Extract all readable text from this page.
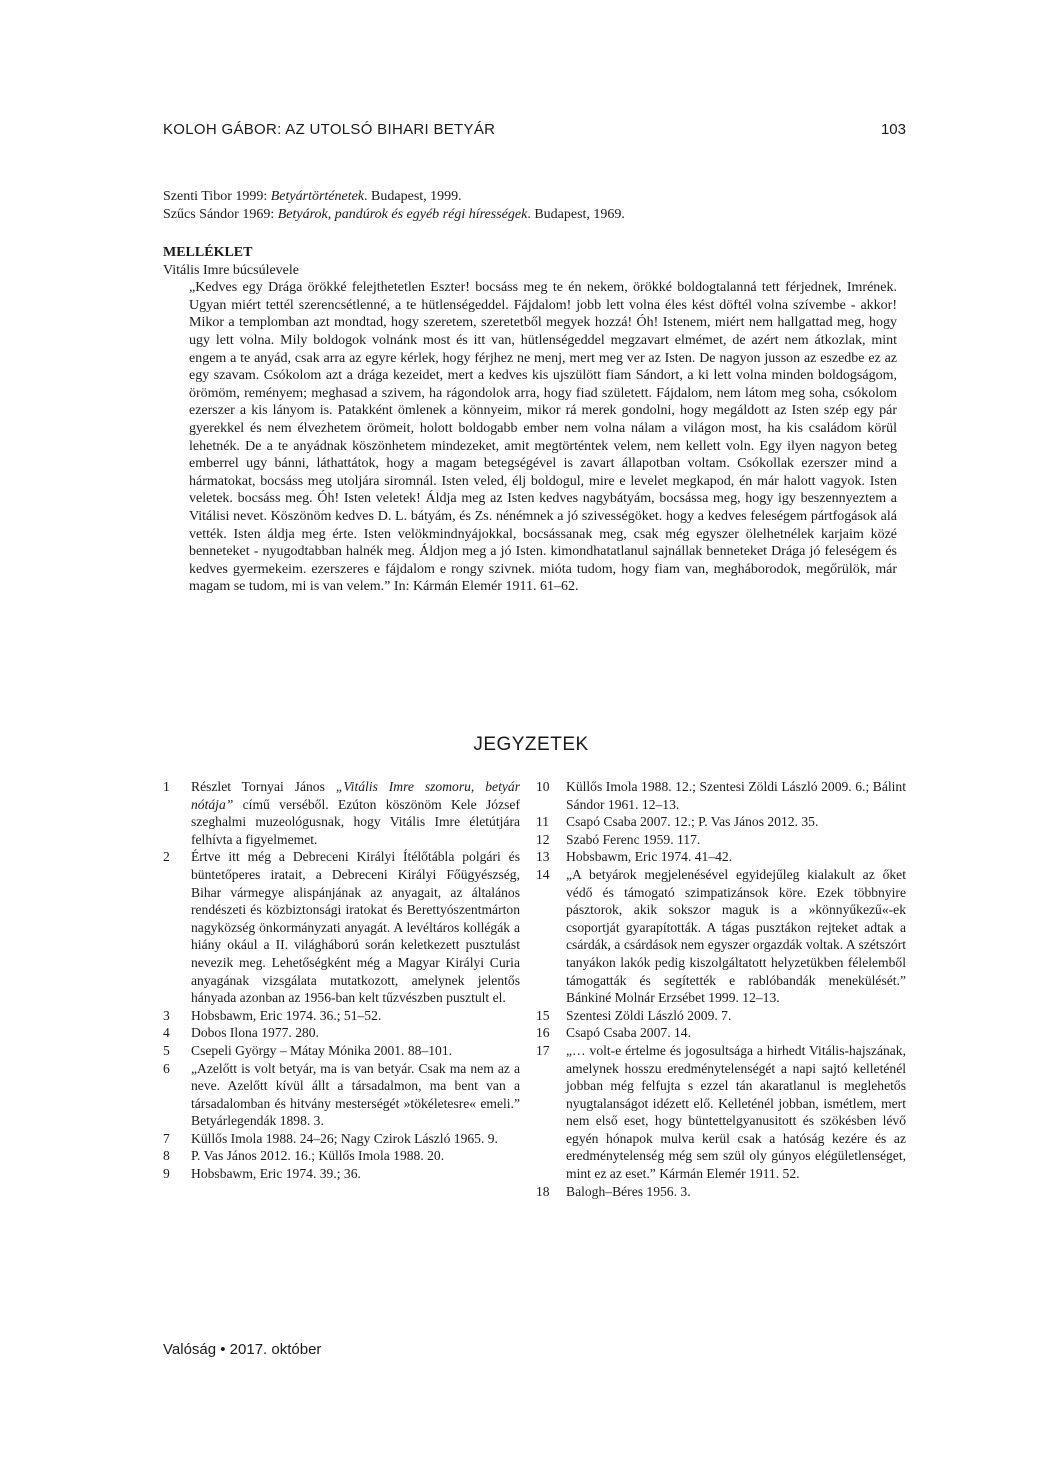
KOLOH GÁBOR: AZ UTOLSÓ BIHARI BETYÁR	103
Szenti Tibor 1999: Betyártörténetek. Budapest, 1999.
Szűcs Sándor 1969: Betyárok, pandúrok és egyéb régi hírességek. Budapest, 1969.
MELLÉKLET
Vitális Imre búcsúlevele
„Kedves egy Drága örökké felejthetetlen Eszter! bocsáss meg te én nekem, örökké boldogtalanná tett férjednek, Imrének. Ugyan miért tettél szerencsétlenné, a te hütlenségeddel. Fájdalom! jobb lett volna éles kést döftél volna szívembe - akkor! Mikor a templomban azt mondtad, hogy szeretem, szeretetből megyek hozzá! Óh! Istenem, miért nem hallgattad meg, hogy ugy lett volna. Mily boldogok volnánk most és itt van, hütlenségeddel megzavart elmémet, de azért nem átkozlak, mint engem a te anyád, csak arra az egyre kérlek, hogy férjhez ne menj, mert meg ver az Isten. De nagyon jusson az eszedbe ez az egy szavam. Csókolom azt a drága kezeidet, mert a kedves kis ujszülött fiam Sándort, a ki lett volna minden boldogságom, örömöm, reményem; meghasad a szivem, ha rágondolok arra, hogy fiad született. Fájdalom, nem látom meg soha, csókolom ezerszer a kis lányom is. Patakként ömlenek a könnyeim, mikor rá merek gondolni, hogy megáldott az Isten szép egy pár gyerekkel és nem élvezhetem örömeit, holott boldogabb ember nem volna nálam a világon most, ha kis családom körül lehetnék. De a te anyádnak köszönhetem mindezeket, amit megtörténtek velem, nem kellett voln. Egy ilyen nagyon beteg emberrel ugy bánni, láthattátok, hogy a magam betegségével is zavart állapotban voltam. Csókollak ezerszer mind a hármatokat, bocsáss meg utoljára siromnál. Isten veled, élj boldogul, mire e levelet megkapod, én már halott vagyok. Isten veletek. bocsáss meg. Óh! Isten veletek! Áldja meg az Isten kedves nagybátyám, bocsássa meg, hogy igy beszennyeztem a Vitálisi nevet. Köszönöm kedves D. L. bátyám, és Zs. nénémnek a jó szivességöket. hogy a kedves feleségem pártfogások alá vették. Isten áldja meg érte. Isten velökmindnyájokkal, bocsássanak meg, csak még egyszer ölelhetnélek karjaim közé benneteket - nyugodtabban halnék meg. Áldjon meg a jó Isten. kimondhatatlanul sajnállak benneteket Drága jó feleségem és kedves gyermekeim. ezerszeres e fájdalom e rongy szivnek. mióta tudom, hogy fiam van, megháborodok, megőrülök, már magam se tudom, mi is van velem.” In: Kármán Elemér 1911. 61–62.
JEGYZETEK
1	Részlet Tornyai János „Vitális Imre szomoru, betyár nótája” című verséből. Ezúton köszönöm Kele József szeghalmi muzeológusnak, hogy Vitális Imre életútjára felhívta a figyelmemet.
2	Értve itt még a Debreceni Királyi Ítélőtábla polgári és büntetőperes iratait, a Debreceni Királyi Főügyészség, Bihar vármegye alispánjának az anyagait, az általános rendészeti és közbiztonsági iratokat és Berettyószentmárton nagyközség önkormányzati anyagát. A levéltáros kollégák a hiány okául a II. világháború során keletkezett pusztulást nevezik meg. Lehetőségként még a Magyar Királyi Curia anyagának vizsgálata mutatkozott, amelynek jelentős hányada azonban az 1956-ban kelt tűzvészben pusztult el.
3	Hobsbawm, Eric 1974. 36.; 51–52.
4	Dobos Ilona 1977. 280.
5	Csepeli György – Mátay Mónika 2001. 88–101.
6	„Azelőtt is volt betyár, ma is van betyár. Csak ma nem az a neve. Azelőtt kívül állt a társadalmon, ma bent van a társadalomban és hitvány mesterségét »tökéletesre« emeli.” Betyárlegendák 1898. 3.
7	Küllős Imola 1988. 24–26; Nagy Czirok László 1965. 9.
8	P. Vas János 2012. 16.; Küllős Imola 1988. 20.
9	Hobsbawm, Eric 1974. 39.; 36.
10	Küllős Imola 1988. 12.; Szentesi Zöldi László 2009. 6.; Bálint Sándor 1961. 12–13.
11	Csapó Csaba 2007. 12.; P. Vas János 2012. 35.
12	Szabó Ferenc 1959. 117.
13	Hobsbawm, Eric 1974. 41–42.
14	„A betyárok megjelenésével egyidejűleg kialakult az őket védő és támogató szimpatizánsok köre. Ezek többnyire pásztorok, akik sokszor maguk is a »könnyűkezű«-ek csoportját gyarapították. A tágas pusztákon rejteket adtak a csárdák, a csárdások nem egyszer orgazdák voltak. A szétszórt tanyákon lakók pedig kiszolgáltatott helyzetükben félelemből támogatták és segítették e rablóbandák menekülését.” Bánkiné Molnár Erzsébet 1999. 12–13.
15	Szentesi Zöldi László 2009. 7.
16	Csapó Csaba 2007. 14.
17	„… volt-e értelme és jogosultsága a hirhedt Vitális-hajszának, amelynek hosszu eredménytelenségét a napi sajtó kelleténél jobban még felfujta s ezzel tán akaratlanul is meglehetős nyugtalanságot idézett elő. Kelleténél jobban, ismétlem, mert nem első eset, hogy büntettelgyanusitott és szökésben lévő egyén hónapok mulva kerül csak a hatóság kezére és az eredménytelenség még sem szül oly gúnyos elégületlenséget, mint ez az eset.” Kármán Elemér 1911. 52.
18	Balogh–Béres 1956. 3.
Valóság • 2017. október
